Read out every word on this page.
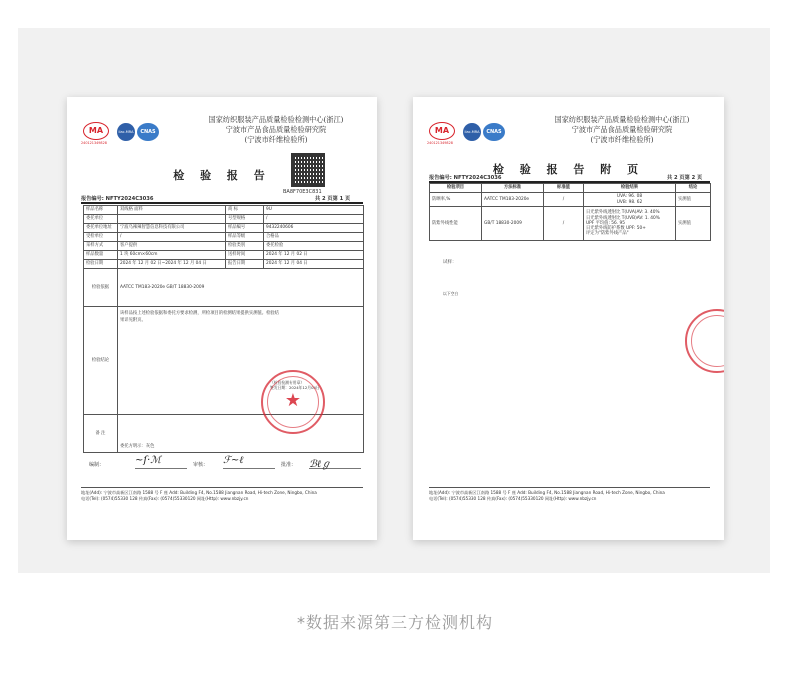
MA
240121349828
ilac-MRA	CNAS
国家纺织服装产品质量检验检测中心(浙江)
宁波市产品食品质量检验研究院
(宁波市纤维检验所)
BA8F70E3C831
检 验 报 告
报告编号: NFTY2024C3036	共 2 页第 1 页
样品名称	双线格 面料	商 标	9U
委托单位		号型规格	/
委托单位地址	宁波乌辣辣智慧信息科技有限公司	样品编号	9432240606
受检单位	/	样品等级	合格品
采样方式	客户提供	检验类别	委托检验
样品数量	1 块 60cm×60cm	送样时间	2024 年 12 月 02 日
检验日期	2024 年 12 月 02 日~2024 年 12 月 04 日	报告日期	2024 年 12 月 04 日
检验依据	AATCC TM183-2020e GB/T 18830-2009		
检验结论	该样品按上述检验依据和委托方要求检测，所检项目的检测结果提供实测值。检验结果详见附页。
（检验检测专用章）
签发日期：2024年12月04日		

备 注	委托方明示：灰色		
★
编制：	~ſ·ℳ	审核： ℱ~ℓ	批准： ℬℓℊ
地址(Add): 宁波市高新区江南路 1588 号 F 座 Add: Building F4, No.1588 Jiangnan Road, Hi-tech Zone, Ningbo, China
电话(Tel): (0574)55330 128 传真(Fax): (0574)55330120 网址(Http): www.nbzjy.cn
MA
240121349828
ilac-MRA	CNAS
国家纺织服装产品质量检验检测中心(浙江)
宁波市产品食品质量检验研究院
(宁波市纤维检验所)
检 验 报 告 附 页
报告编号: NFTY2024C3036	共 2 页第 2 页
检验项目	方法标准	标准值	检验结果	结论
防晒率,%	AATCC TM183-2020e	/	UVA: 96. 08
UVB: 98. 62	实测值
防紫外线性能	GB/T 18830-2009	/	日光紫外线透射比 T(UVA)AV: 3. 40%
日光紫外线透射比 T(UVB)AV: 1. 40%
UPF 平均值: 56. 95
日光紫外线防护系数 UPF: 50+
评定为"防紫外线产品"	实测值
试样：
以下空白
地址(Add): 宁波市高新区江南路 1588 号 F 座 Add: Building F4, No.1588 Jiangnan Road, Hi-tech Zone, Ningbo, China
电话(Tel): (0574)55330 128 传真(Fax): (0574)55330120 网址(Http): www.nbzjy.cn
*数据来源第三方检测机构
